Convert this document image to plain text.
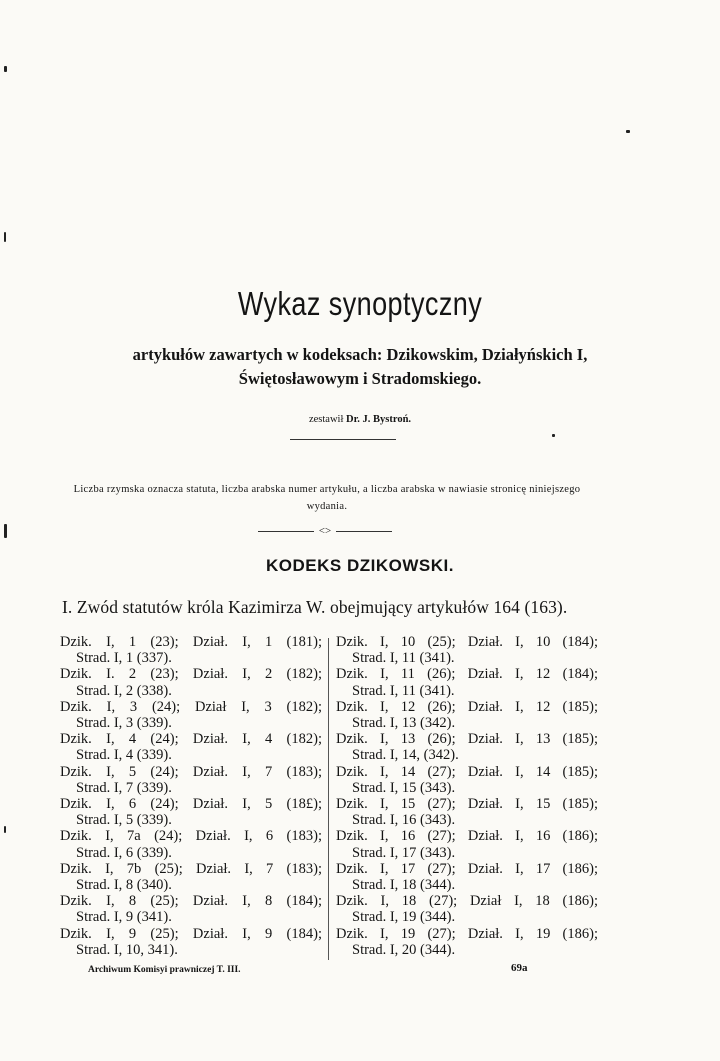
Wykaz synoptyczny
artykułów zawartych w kodeksach: Dzikowskim, Działyńskich I,
Świętosławowym i Stradomskiego.
zestawił Dr. J. Bystroń.
Liczba rzymska oznacza statuta, liczba arabska numer artykułu, a liczba arabska w nawiasie stronicę niniejszego wydania.
<>
KODEKS DZIKOWSKI.
I. Zwód statutów króla Kazimirza W. obejmujący artykułów 164 (163).
Dzik. I, 1 (23); Dział. I, 1 (181);
Strad. I, 1 (337).
Dzik. I. 2 (23); Dział. I, 2 (182);
Strad. I, 2 (338).
Dzik. I, 3 (24); Dział I, 3 (182);
Strad. I, 3 (339).
Dzik. I, 4 (24); Dział. I, 4 (182);
Strad. I, 4 (339).
Dzik. I, 5 (24); Dział. I, 7 (183);
Strad. I, 7 (339).
Dzik. I, 6 (24); Dział. I, 5 (18£);
Strad. I, 5 (339).
Dzik. I, 7a (24); Dział. I, 6 (183);
Strad. I, 6 (339).
Dzik. I, 7b (25); Dział. I, 7 (183);
Strad. I, 8 (340).
Dzik. I, 8 (25); Dział. I, 8 (184);
Strad. I, 9 (341).
Dzik. I, 9 (25); Dział. I, 9 (184);
Strad. I, 10, 341).
Dzik. I, 10 (25); Dział. I, 10 (184);
Strad. I, 11 (341).
Dzik. I, 11 (26); Dział. I, 12 (184);
Strad. I, 11 (341).
Dzik. I, 12 (26); Dział. I, 12 (185);
Strad. I, 13 (342).
Dzik. I, 13 (26); Dział. I, 13 (185);
Strad. I, 14, (342).
Dzik. I, 14 (27); Dział. I, 14 (185);
Strad. I, 15 (343).
Dzik. I, 15 (27); Dział. I, 15 (185);
Strad. I, 16 (343).
Dzik. I, 16 (27); Dział. I, 16 (186);
Strad. I, 17 (343).
Dzik. I, 17 (27); Dział. I, 17 (186);
Strad. I, 18 (344).
Dzik. I, 18 (27); Dział I, 18 (186);
Strad. I, 19 (344).
Dzik. I, 19 (27); Dział. I, 19 (186);
Strad. I, 20 (344).
Archiwum Komisyi prawniczej T. III.	69a
